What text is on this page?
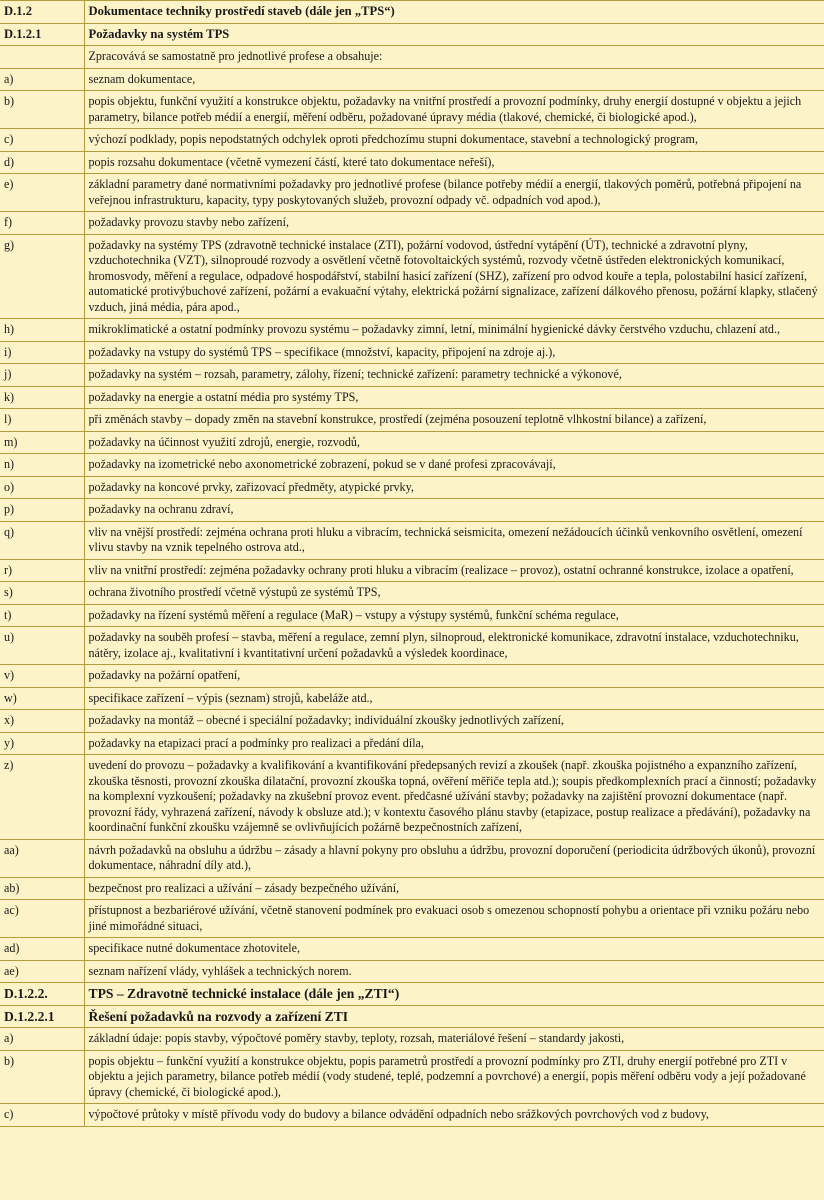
D.1.2	Dokumentace techniky prostředí staveb (dále jen „TPS“)
D.1.2.1	Požadavky na systém TPS
	Zpracovává se samostatně pro jednotlivé profese a obsahuje:
a)	seznam dokumentace,
b)	popis objektu, funkční využití a konstrukce objektu, požadavky na vnitřní prostředí a provozní podmínky, druhy energií dostupné v objektu a jejich parametry, bilance potřeb médií a energií, měření odběru, požadované úpravy média (tlakové, chemické, či biologické apod.),
c)	výchozí podklady, popis nepodstatných odchylek oproti předchozímu stupni dokumentace, stavební a technologický program,
d)	popis rozsahu dokumentace (včetně vymezení částí, které tato dokumentace neřeší),
e)	základní parametry dané normativními požadavky pro jednotlivé profese (bilance potřeby médií a energií, tlakových poměrů, potřebná připojení na veřejnou infrastrukturu, kapacity, typy poskytovaných služeb, provozní odpady vč. odpadních vod apod.),
f)	požadavky provozu stavby nebo zařízení,
g)	požadavky na systémy TPS (zdravotně technické instalace (ZTI), požární vodovod, ústřední vytápění (ÚT), technické a zdravotní plyny, vzduchotechnika (VZT), silnoproudé rozvody a osvětlení včetně fotovoltaických systémů, rozvody včetně ústředen elektronických komunikací, hromosvody, měření a regulace, odpadové hospodářství, stabilní hasicí zařízení (SHZ), zařízení pro odvod kouře a tepla, polostabilní hasicí zařízení, automatické protivýbuchové zařízení, požární a evakuační výtahy, elektrická požární signalizace, zařízení dálkového přenosu, požární klapky, stlačený vzduch, jiná média, pára apod.,
h)	mikroklimatické a ostatní podmínky provozu systému – požadavky zimní, letní, minimální hygienické dávky čerstvého vzduchu, chlazení atd.,
i)	požadavky na vstupy do systémů TPS – specifikace (množství, kapacity, připojení na zdroje aj.),
j)	požadavky na systém – rozsah, parametry, zálohy, řízení; technické zařízení: parametry technické a výkonové,
k)	požadavky na energie a ostatní média pro systémy TPS,
l)	při změnách stavby – dopady změn na stavební konstrukce, prostředí (zejména posouzení teplotně vlhkostní bilance) a zařízení,
m)	požadavky na účinnost využití zdrojů, energie, rozvodů,
n)	požadavky na izometrické nebo axonometrické zobrazení, pokud se v dané profesi zpracovávají,
o)	požadavky na koncové prvky, zařizovací předměty, atypické prvky,
p)	požadavky na ochranu zdraví,
q)	vliv na vnější prostředí: zejména ochrana proti hluku a vibracím, technická seismicita, omezení nežádoucích účinků venkovního osvětlení, omezení vlivu stavby na vznik tepelného ostrova atd.,
r)	vliv na vnitřní prostředí: zejména požadavky ochrany proti hluku a vibracím (realizace – provoz), ostatní ochranné konstrukce, izolace a opatření,
s)	ochrana životního prostředí včetně výstupů ze systémů TPS,
t)	požadavky na řízení systémů měření a regulace (MaR) – vstupy a výstupy systémů, funkční schéma regulace,
u)	požadavky na souběh profesí – stavba, měření a regulace, zemní plyn, silnoproud, elektronické komunikace, zdravotní instalace, vzduchotechniku, nátěry, izolace aj., kvalitativní i kvantitativní určení požadavků a výsledek koordinace,
v)	požadavky na požární opatření,
w)	specifikace zařízení – výpis (seznam) strojů, kabeláže atd.,
x)	požadavky na montáž – obecné i speciální požadavky; individuální zkoušky jednotlivých zařízení,
y)	požadavky na etapizaci prací a podmínky pro realizaci a předání díla,
z)	uvedení do provozu – požadavky a kvalifikování a kvantifikování předepsaných revizí a zkoušek (např. zkouška pojistného a expanzního zařízení, zkouška těsnosti, provozní zkouška dilatační, provozní zkouška topná, ověření měřiče tepla atd.); soupis předkomplexních prací a činností; požadavky na komplexní vyzkoušení; požadavky na zkušební provoz event. předčasné užívání stavby; požadavky na zajištění provozní dokumentace (např. provozní řády, vyhrazená zařízení, návody k obsluze atd.); v kontextu časového plánu stavby (etapizace, postup realizace a předávání), požadavky na koordinační funkční zkoušku vzájemně se ovlivňujících požárně bezpečnostních zařízení,
aa)	návrh požadavků na obsluhu a údržbu – zásady a hlavní pokyny pro obsluhu a údržbu, provozní doporučení (periodicita údržbových úkonů), provozní dokumentace, náhradní díly atd.),
ab)	bezpečnost pro realizaci a užívání – zásady bezpečného užívání,
ac)	přístupnost a bezbariérové užívání, včetně stanovení podmínek pro evakuaci osob s omezenou schopností pohybu a orientace při vzniku požáru nebo jiné mimořádné situaci,
ad)	specifikace nutné dokumentace zhotovitele,
ae)	seznam nařízení vlády, vyhlášek a technických norem.
D.1.2.2.	TPS – Zdravotně technické instalace (dále jen „ZTI“)
D.1.2.2.1	Řešení požadavků na rozvody a zařízení ZTI
a)	základní údaje: popis stavby, výpočtové poměry stavby, teploty, rozsah, materiálové řešení – standardy jakosti,
b)	popis objektu – funkční využití a konstrukce objektu, popis parametrů prostředí a provozní podmínky pro ZTI, druhy energií potřebné pro ZTI v objektu a jejich parametry, bilance potřeb médií (vody studené, teplé, podzemní a povrchové) a energií, popis měření odběru vody a její požadované úpravy (chemické, či biologické apod.),
c)	výpočtové průtoky v místě přívodu vody do budovy a bilance odvádění odpadních nebo srážkových povrchových vod z budovy,
